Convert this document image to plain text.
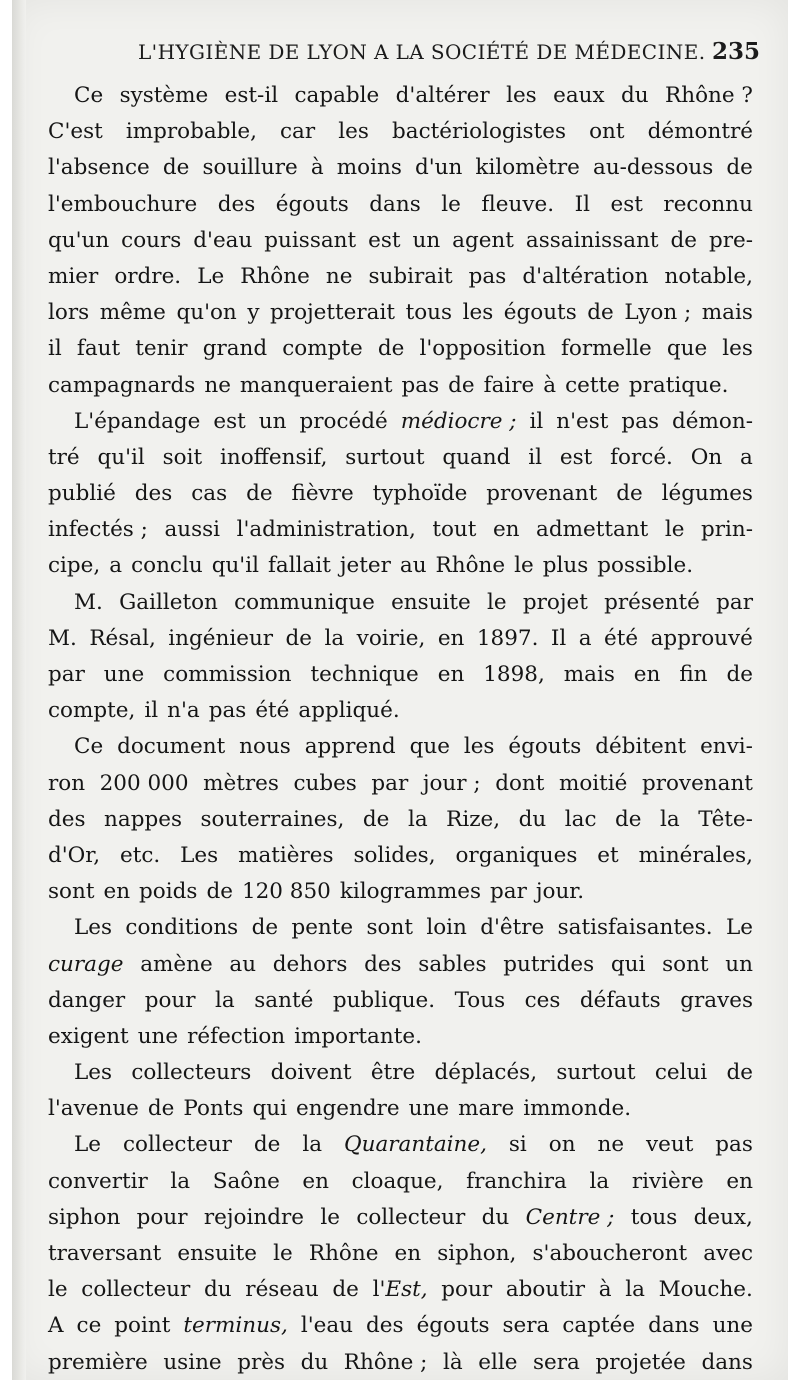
L'HYGIÈNE DE LYON A LA SOCIÉTÉ DE MÉDECINE. 235
Ce système est-il capable d'altérer les eaux du Rhône ?
C'est improbable, car les bactériologistes ont démontré
l'absence de souillure à moins d'un kilomètre au-dessous de
l'embouchure des égouts dans le fleuve. Il est reconnu
qu'un cours d'eau puissant est un agent assainissant de pre-
mier ordre. Le Rhône ne subirait pas d'altération notable,
lors même qu'on y projetterait tous les égouts de Lyon ; mais
il faut tenir grand compte de l'opposition formelle que les
campagnards ne manqueraient pas de faire à cette pratique.
L'épandage est un procédé médiocre ; il n'est pas démon-
tré qu'il soit inoffensif, surtout quand il est forcé. On a
publié des cas de fièvre typhoïde provenant de légumes
infectés ; aussi l'administration, tout en admettant le prin-
cipe, a conclu qu'il fallait jeter au Rhône le plus possible.
M. Gailleton communique ensuite le projet présenté par
M. Résal, ingénieur de la voirie, en 1897. Il a été approuvé
par une commission technique en 1898, mais en fin de
compte, il n'a pas été appliqué.
Ce document nous apprend que les égouts débitent envi-
ron 200 000 mètres cubes par jour ; dont moitié provenant
des nappes souterraines, de la Rize, du lac de la Tête-
d'Or, etc. Les matières solides, organiques et minérales,
sont en poids de 120 850 kilogrammes par jour.
Les conditions de pente sont loin d'être satisfaisantes. Le
curage amène au dehors des sables putrides qui sont un
danger pour la santé publique. Tous ces défauts graves
exigent une réfection importante.
Les collecteurs doivent être déplacés, surtout celui de
l'avenue de Ponts qui engendre une mare immonde.
Le collecteur de la Quarantaine, si on ne veut pas
convertir la Saône en cloaque, franchira la rivière en
siphon pour rejoindre le collecteur du Centre ; tous deux,
traversant ensuite le Rhône en siphon, s'aboucheront avec
le collecteur du réseau de l'Est, pour aboutir à la Mouche.
A ce point terminus, l'eau des égouts sera captée dans une
première usine près du Rhône ; là elle sera projetée dans
